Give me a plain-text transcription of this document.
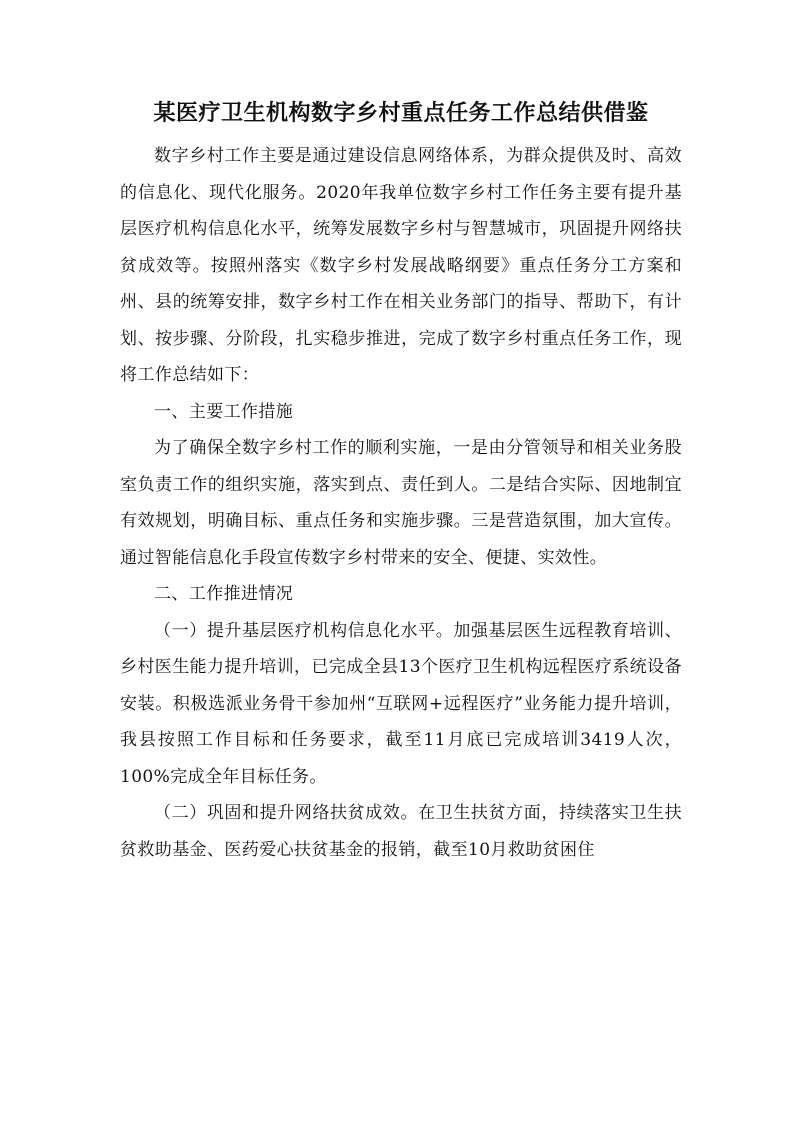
某医疗卫生机构数字乡村重点任务工作总结供借鉴

数字乡村工作主要是通过建设信息网络体系，为群众提供及时、高效的信息化、现代化服务。2020年我单位数字乡村工作任务主要有提升基层医疗机构信息化水平，统筹发展数字乡村与智慧城市，巩固提升网络扶贫成效等。按照州落实《数字乡村发展战略纲要》重点任务分工方案和州、县的统筹安排，数字乡村工作在相关业务部门的指导、帮助下，有计划、按步骤、分阶段，扎实稳步推进，完成了数字乡村重点任务工作，现将工作总结如下：

一、主要工作措施

为了确保全数字乡村工作的顺利实施，一是由分管领导和相关业务股室负责工作的组织实施，落实到点、责任到人。二是结合实际、因地制宜有效规划，明确目标、重点任务和实施步骤。三是营造氛围，加大宣传。通过智能信息化手段宣传数字乡村带来的安全、便捷、实效性。

二、工作推进情况

（一）提升基层医疗机构信息化水平。加强基层医生远程教育培训、乡村医生能力提升培训，已完成全县13个医疗卫生机构远程医疗系统设备安装。积极选派业务骨干参加州“互联网+远程医疗”业务能力提升培训，我县按照工作目标和任务要求，截至11月底已完成培训3419人次，100%完成全年目标任务。

（二）巩固和提升网络扶贫成效。在卫生扶贫方面，持续落实卫生扶贫救助基金、医药爱心扶贫基金的报销，截至10月救助贫困住
